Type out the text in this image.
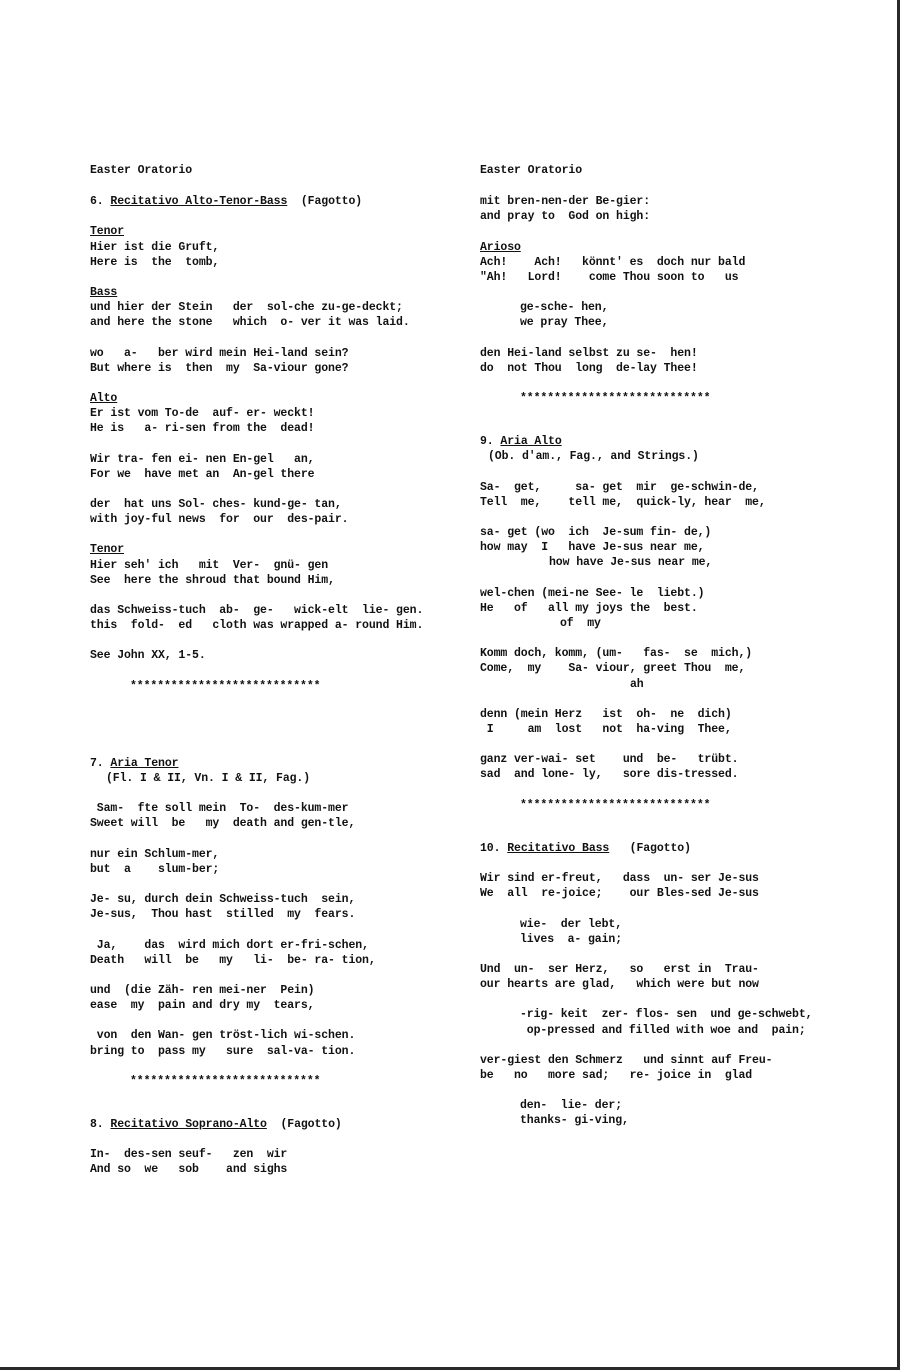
Easter Oratorio
6. Recitativo Alto-Tenor-Bass (Fagotto)
Tenor
Hier ist die Gruft,
Here is  the  tomb,
Bass
und hier der Stein   der  sol-che zu-ge-deckt;
and here the stone   which  o- ver it was laid.
wo   a-   ber wird mein Hei-land sein?
But where is  then  my  Sa-viour gone?
Alto
Er ist vom To-de  auf- er- weckt!
He is   a- ri-sen from the  dead!
Wir tra- fen ei- nen En-gel   an,
For we  have met an  An-gel there
der  hat uns Sol- ches- kund-ge- tan,
with joy-ful news  for  our  des-pair.
Tenor
Hier seh' ich   mit  Ver-  gnü- gen
See  here the shroud that bound Him,
das Schweiss-tuch  ab-  ge-   wick-elt  lie- gen.
this  fold-  ed   cloth was wrapped a- round Him.
See John XX, 1-5.
****************************
7. Aria Tenor
(Fl. I & II, Vn. I & II, Fag.)
Sam-  fte soll mein  To-  des-kum-mer
Sweet will  be   my  death and gen-tle,
nur ein Schlum-mer,
but  a    slum-ber;
Je- su, durch dein Schweiss-tuch  sein,
Je-sus,  Thou hast  stilled  my  fears.
Ja,    das  wird mich dort er-fri-schen,
Death   will  be   my   li-  be- ra- tion,
und  (die Zäh- ren mei-ner  Pein)
ease  my  pain and dry my  tears,
von  den Wan- gen tröst-lich wi-schen.
bring to  pass my   sure  sal-va- tion.
****************************
8. Recitativo Soprano-Alto (Fagotto)
In-  des-sen seuf-   zen  wir
And so  we   sob    and sighs
Easter Oratorio
mit bren-nen-der Be-gier:
and pray to  God on high:
Arioso
Ach!    Ach!   könnt' es  doch nur bald
"Ah!   Lord!    come Thou soon to   us
ge-sche- hen,
we pray Thee,
den Hei-land selbst zu se-  hen!
do  not Thou  long  de-lay Thee!
****************************
9. Aria Alto
(Ob. d'am., Fag., and Strings.)
Sa-  get,     sa- get  mir  ge-schwin-de,
Tell  me,    tell me,  quick-ly, hear  me,
sa- get (wo  ich  Je-sum fin- de,)
how may  I   have Je-sus near me,
how have Je-sus near me,
wel-chen (mei-ne See- le  liebt.)
He   of   all my joys the  best.
of  my
Komm doch, komm, (um-   fas-  se  mich,)
Come,  my    Sa- viour, greet Thou  me,
ah
denn (mein Herz   ist  oh-  ne  dich)
I     am  lost   not  ha-ving  Thee,
ganz ver-wai- set    und  be-   trübt.
sad  and lone- ly,   sore dis-tressed.
****************************
10. Recitativo Bass (Fagotto)
Wir sind er-freut,   dass  un- ser Je-sus
We  all  re-joice;    our Bles-sed Je-sus
wie-  der lebt,
lives  a- gain;
Und  un-  ser Herz,   so   erst in  Trau-
our hearts are glad,   which were but now
-rig- keit  zer- flos- sen  und ge-schwebt,
op-pressed and filled with woe and  pain;
ver-giest den Schmerz   und sinnt auf Freu-
be   no   more sad;   re- joice in  glad
den-  lie- der;
thanks- gi-ving,
